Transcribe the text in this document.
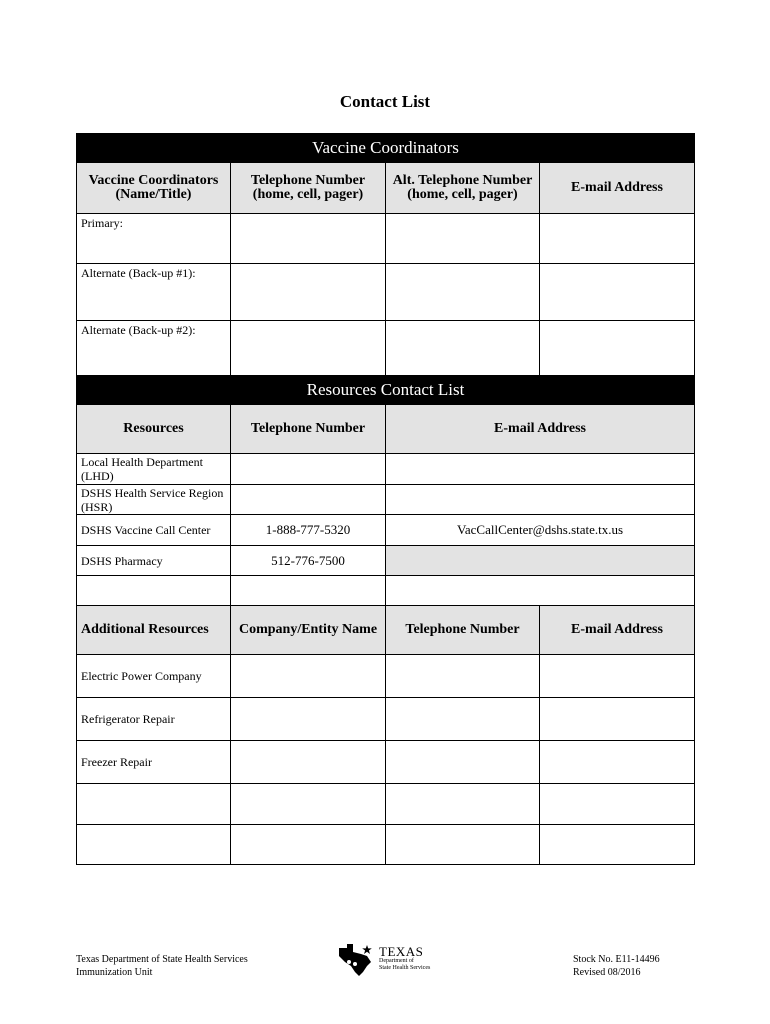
Contact List
Vaccine Coordinators			
Vaccine Coordinators (Name/Title)	Telephone Number (home, cell, pager)	Alt. Telephone Number (home, cell, pager)	E-mail Address
Primary:			
Alternate (Back-up #1):			
Alternate (Back-up #2):			
Resources Contact List		
Resources	Telephone Number	E-mail Address
Local Health Department (LHD)		
DSHS Health Service Region (HSR)		
DSHS Vaccine Call Center	1-888-777-5320	VacCallCenter@dshs.state.tx.us
DSHS Pharmacy	512-776-7500	

Additional Resources	Company/Entity Name	Telephone Number	E-mail Address
Electric Power Company			
Refrigerator Repair			
Freezer Repair			

Texas Department of State Health Services
Immunization Unit
TEXAS
Department of
State Health Services
Stock No. E11-14496
Revised 08/2016
